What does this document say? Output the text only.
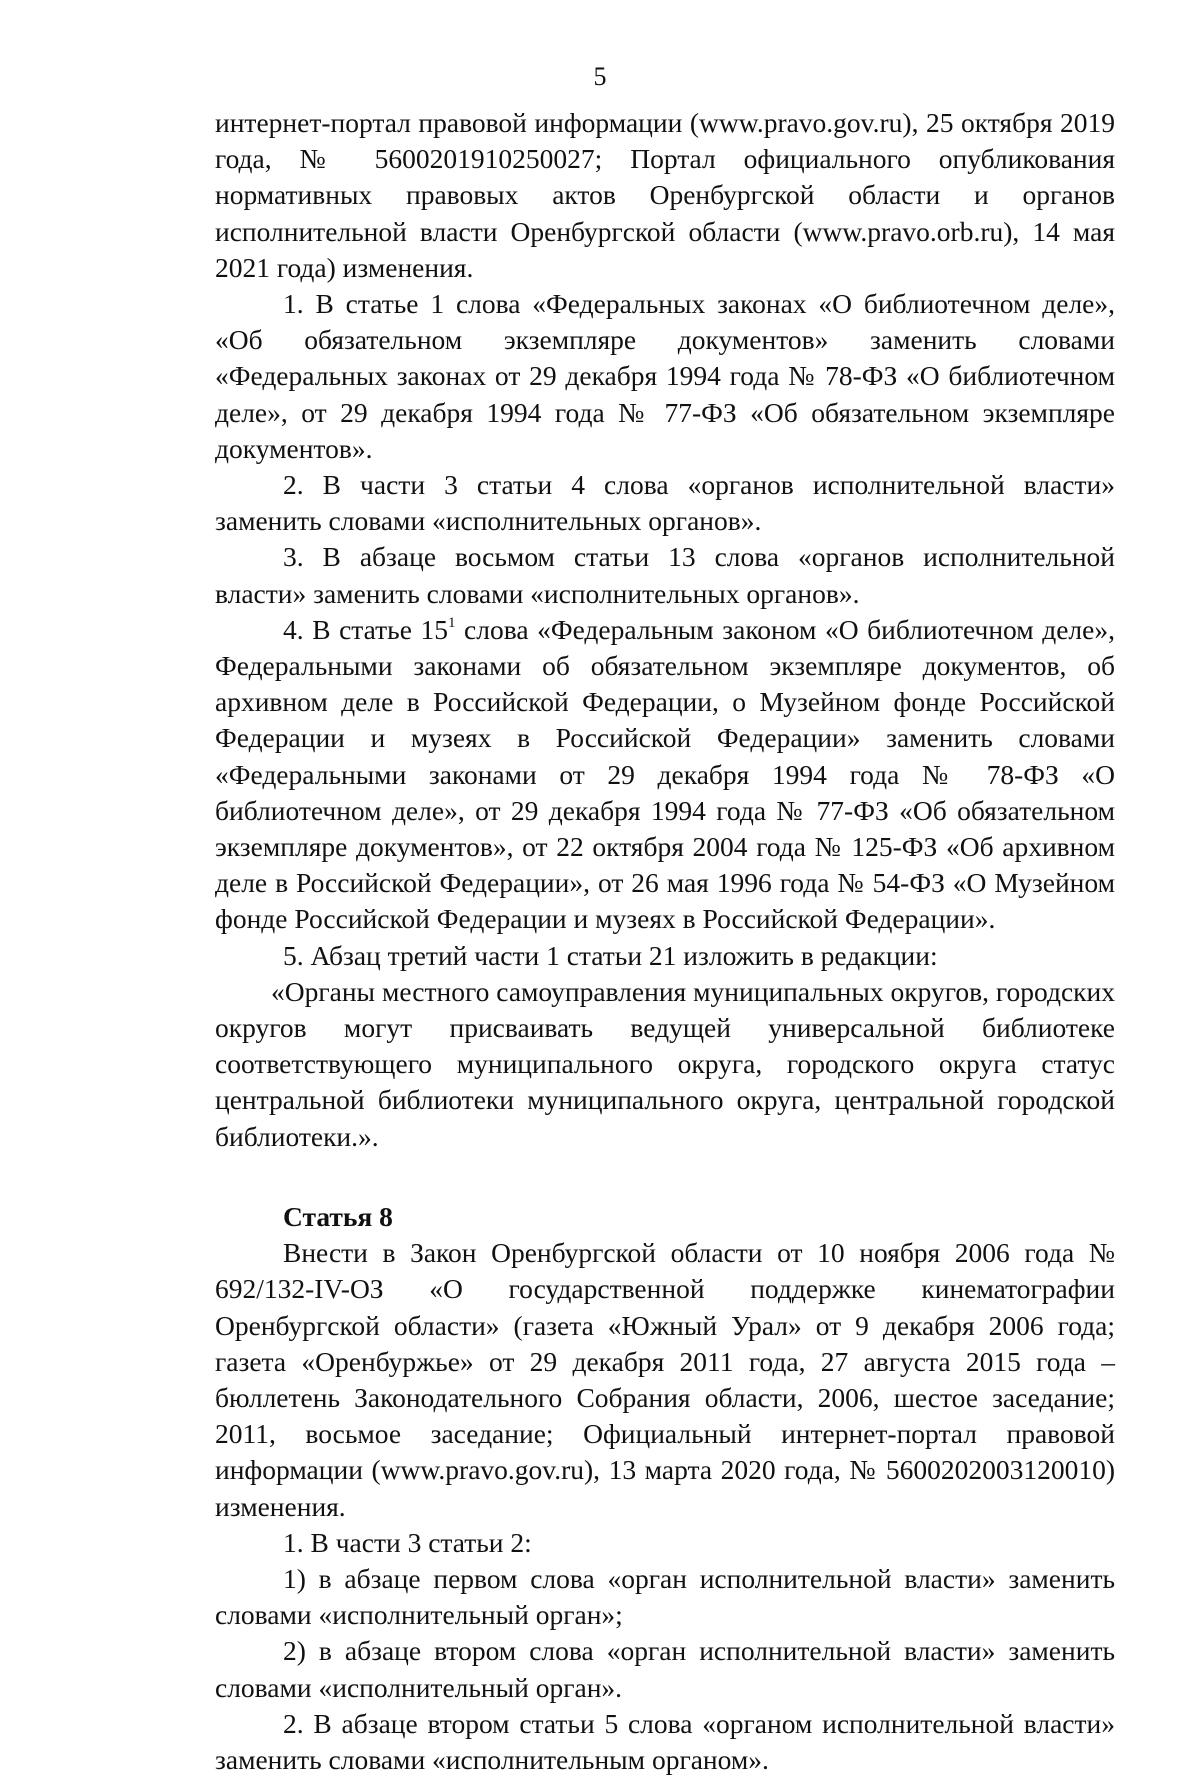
5

интернет-портал правовой информации (www.pravo.gov.ru), 25 октября 2019 года, № 5600201910250027; Портал официального опубликования нормативных правовых актов Оренбургской области и органов исполнительной власти Оренбургской области (www.pravo.orb.ru), 14 мая 2021 года) изменения.

1. В статье 1 слова «Федеральных законах «О библиотечном деле», «Об обязательном экземпляре документов» заменить словами «Федеральных законах от 29 декабря 1994 года № 78-ФЗ «О библиотечном деле», от 29 декабря 1994 года № 77-ФЗ «Об обязательном экземпляре документов».

2. В части 3 статьи 4 слова «органов исполнительной власти» заменить словами «исполнительных органов».

3. В абзаце восьмом статьи 13 слова «органов исполнительной власти» заменить словами «исполнительных органов».

4. В статье $15^1$ слова «Федеральным законом «О библиотечном деле», Федеральными законами об обязательном экземпляре документов, об архивном деле в Российской Федерации, о Музейном фонде Российской Федерации и музеях в Российской Федерации» заменить словами «Федеральными законами от 29 декабря 1994 года № 78-ФЗ «О библиотечном деле», от 29 декабря 1994 года № 77-ФЗ «Об обязательном экземпляре документов», от 22 октября 2004 года № 125-ФЗ «Об архивном деле в Российской Федерации», от 26 мая 1996 года № 54-ФЗ «О Музейном фонде Российской Федерации и музеях в Российской Федерации».

5. Абзац третий части 1 статьи 21 изложить в редакции:

«Органы местного самоуправления муниципальных округов, городских округов могут присваивать ведущей универсальной библиотеке соответствующего муниципального округа, городского округа статус центральной библиотеки муниципального округа, центральной городской библиотеки.».

Статья 8

Внести в Закон Оренбургской области от 10 ноября 2006 года № 692/132-IV-ОЗ «О государственной поддержке кинематографии Оренбургской области» (газета «Южный Урал» от 9 декабря 2006 года; газета «Оренбуржье» от 29 декабря 2011 года, 27 августа 2015 года – бюллетень Законодательного Собрания области, 2006, шестое заседание; 2011, восьмое заседание; Официальный интернет-портал правовой информации (www.pravo.gov.ru), 13 марта 2020 года, № 5600202003120010) изменения.

1. В части 3 статьи 2:

1) в абзаце первом слова «орган исполнительной власти» заменить словами «исполнительный орган»;

2) в абзаце втором слова «орган исполнительной власти» заменить словами «исполнительный орган».

2. В абзаце втором статьи 5 слова «органом исполнительной власти» заменить словами «исполнительным органом».
